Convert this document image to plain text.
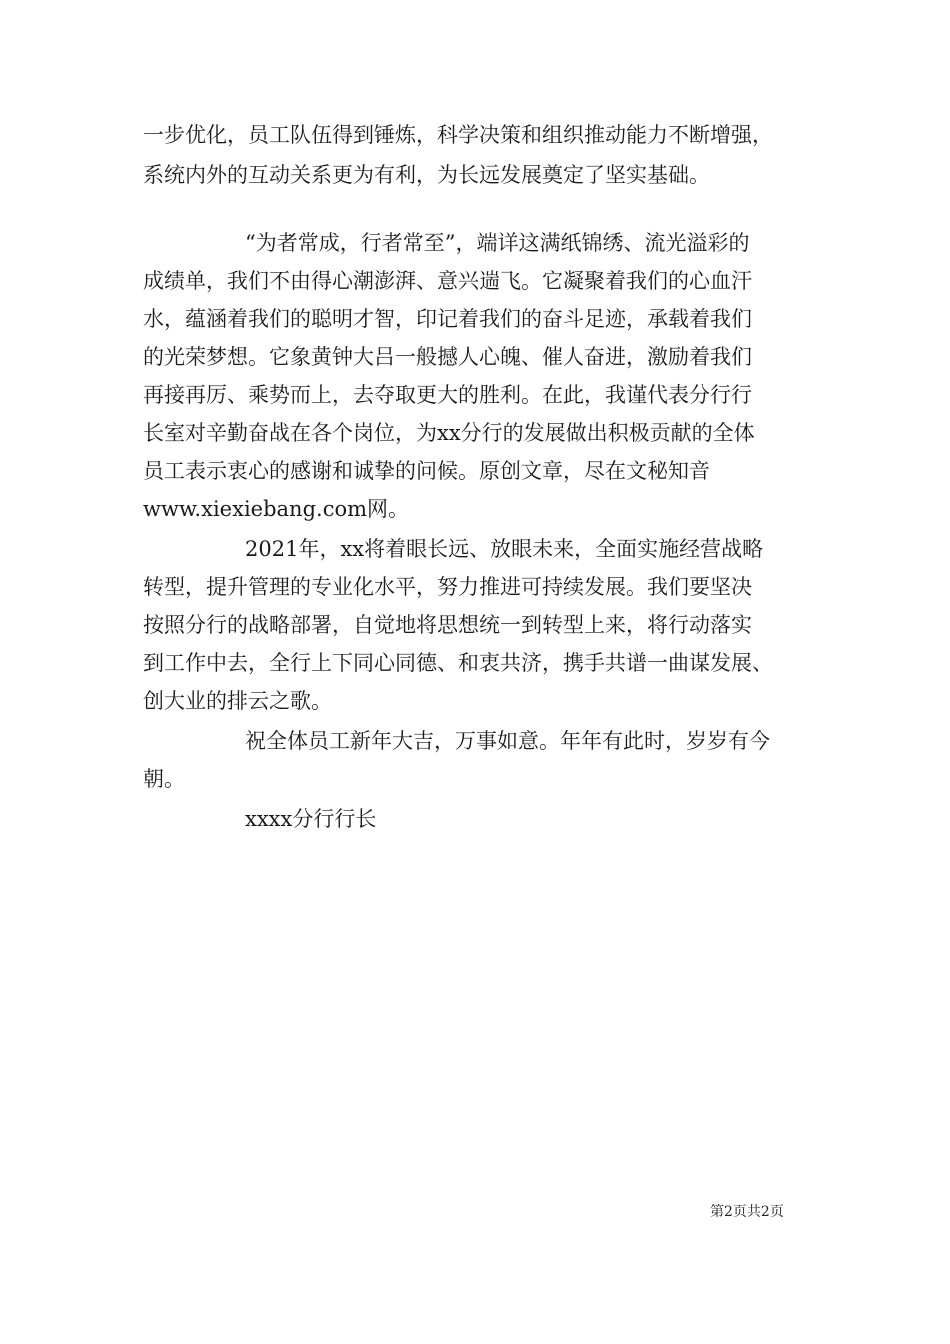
一步优化，员工队伍得到锤炼，科学决策和组织推动能力不断增强，
系统内外的互动关系更为有利，为长远发展奠定了坚实基础。
“为者常成，行者常至”，端详这满纸锦绣、流光溢彩的
成绩单，我们不由得心潮澎湃、意兴遄飞。它凝聚着我们的心血汗
水，蕴涵着我们的聪明才智，印记着我们的奋斗足迹，承载着我们
的光荣梦想。它象黄钟大吕一般撼人心魄、催人奋进，激励着我们
再接再厉、乘势而上，去夺取更大的胜利。在此，我谨代表分行行
长室对辛勤奋战在各个岗位，为xx分行的发展做出积极贡献的全体
员工表示衷心的感谢和诚挚的问候。原创文章，尽在文秘知音
www.xiexiebang.com网。
2021年，xx将着眼长远、放眼未来，全面实施经营战略
转型，提升管理的专业化水平，努力推进可持续发展。我们要坚决
按照分行的战略部署，自觉地将思想统一到转型上来，将行动落实
到工作中去，全行上下同心同德、和衷共济，携手共谱一曲谋发展、
创大业的排云之歌。
祝全体员工新年大吉，万事如意。年年有此时，岁岁有今
朝。
xxxx分行行长
第2页共2页
